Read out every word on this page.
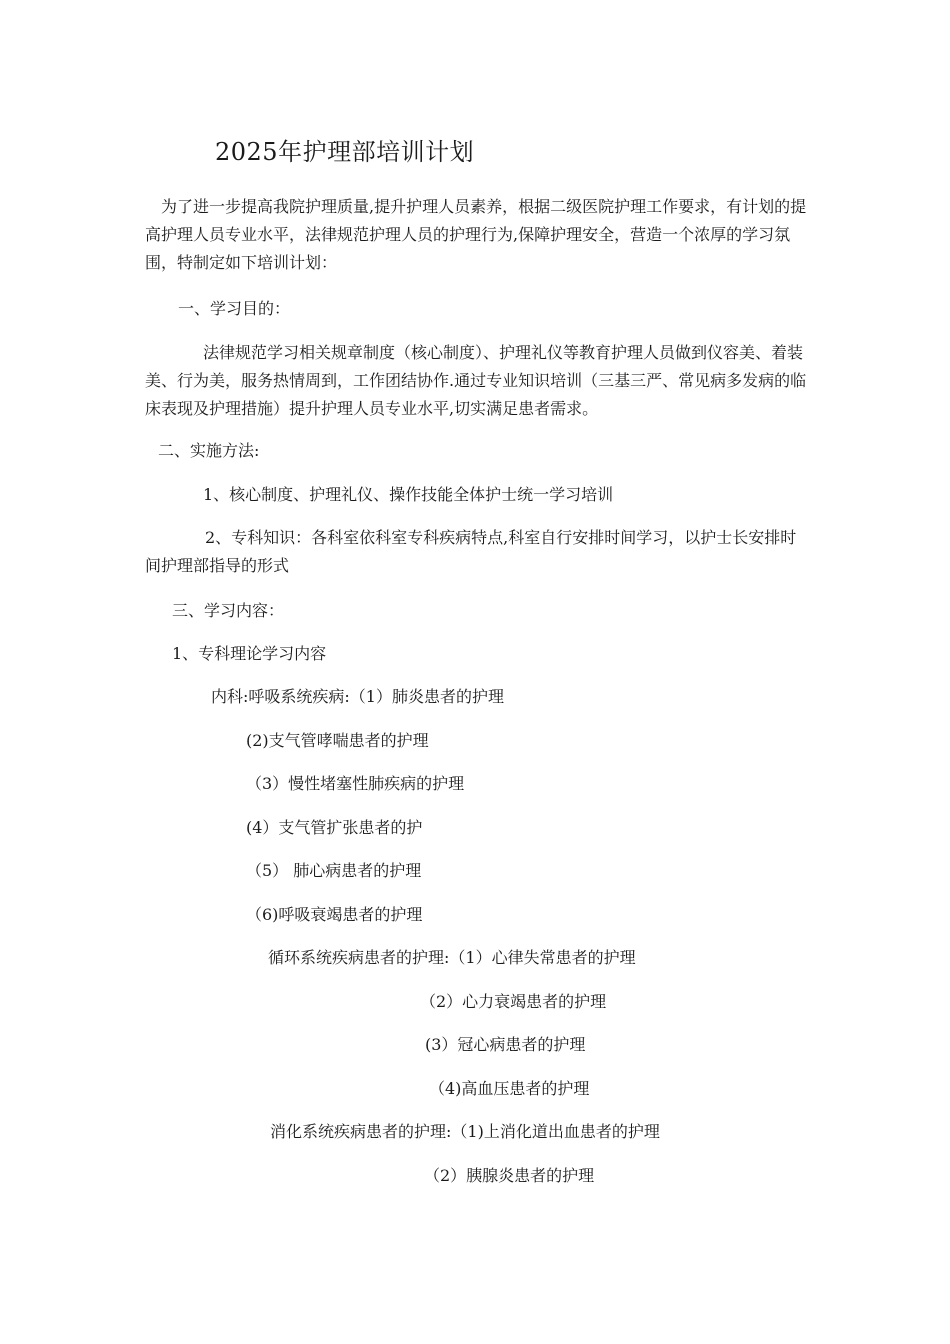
2025年护理部培训计划
为了进一步提高我院护理质量,提升护理人员素养，根据二级医院护理工作要求，有计划的提高护理人员专业水平，法律规范护理人员的护理行为,保障护理安全，营造一个浓厚的学习氛围，特制定如下培训计划：
一、学习目的：
法律规范学习相关规章制度（核心制度）、护理礼仪等教育护理人员做到仪容美、着装美、行为美，服务热情周到，工作团结协作.通过专业知识培训（三基三严、常见病多发病的临床表现及护理措施）提升护理人员专业水平,切实满足患者需求。
二、实施方法:
1、核心制度、护理礼仪、操作技能全体护士统一学习培训
2、专科知识：各科室依科室专科疾病特点,科室自行安排时间学习，以护士长安排时间护理部指导的形式
三、学习内容：
1、专科理论学习内容
内科:呼吸系统疾病:（1）肺炎患者的护理
(2)支气管哮喘患者的护理
（3）慢性堵塞性肺疾病的护理
(4）支气管扩张患者的护
（5） 肺心病患者的护理
（6)呼吸衰竭患者的护理
循环系统疾病患者的护理:（1）心律失常患者的护理
（2）心力衰竭患者的护理
(3）冠心病患者的护理
（4)高血压患者的护理
消化系统疾病患者的护理:（1)上消化道出血患者的护理
（2）胰腺炎患者的护理
